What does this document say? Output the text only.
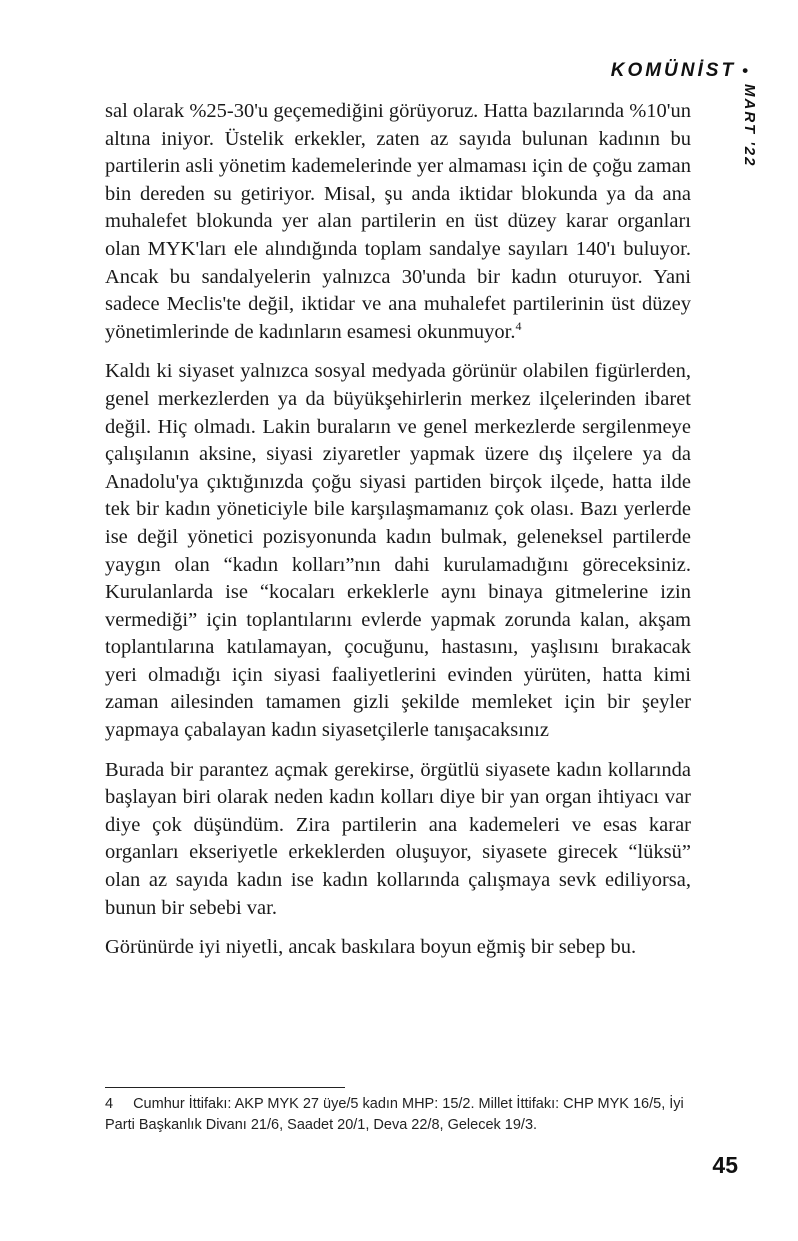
KOMÜNİST •
MART '22

sal olarak %25-30'u geçemediğini görüyoruz. Hatta bazılarında %10'un altına iniyor. Üstelik erkekler, zaten az sayıda bulunan kadının bu partilerin asli yönetim kademelerinde yer almaması için de çoğu zaman bin dereden su getiriyor. Misal, şu anda iktidar blokunda ya da ana muhalefet blokunda yer alan partilerin en üst düzey karar organları olan MYK'ları ele alındığında toplam sandalye sayıları 140'ı buluyor. Ancak bu sandalyelerin yalnızca 30'unda bir kadın oturuyor. Yani sadece Meclis'te değil, iktidar ve ana muhalefet partilerinin üst düzey yönetimlerinde de kadınların esamesi okunmuyor.$^4$

Kaldı ki siyaset yalnızca sosyal medyada görünür olabilen figürlerden, genel merkezlerden ya da büyükşehirlerin merkez ilçelerinden ibaret değil. Hiç olmadı. Lakin buraların ve genel merkezlerde sergilenmeye çalışılanın aksine, siyasi ziyaretler yapmak üzere dış ilçelere ya da Anadolu'ya çıktığınızda çoğu siyasi partiden birçok ilçede, hatta ilde tek bir kadın yöneticiyle bile karşılaşmamanız çok olası. Bazı yerlerde ise değil yönetici pozisyonunda kadın bulmak, geleneksel partilerde yaygın olan “kadın kolları”nın dahi kurulamadığını göreceksiniz. Kurulanlarda ise “kocaları erkeklerle aynı binaya gitmelerine izin vermediği” için toplantılarını evlerde yapmak zorunda kalan, akşam toplantılarına katılamayan, çocuğunu, hastasını, yaşlısını bırakacak yeri olmadığı için siyasi faaliyetlerini evinden yürüten, hatta kimi zaman ailesinden tamamen gizli şekilde memleket için bir şeyler yapmaya çabalayan kadın siyasetçilerle tanışacaksınız

Burada bir parantez açmak gerekirse, örgütlü siyasete kadın kollarında başlayan biri olarak neden kadın kolları diye bir yan organ ihtiyacı var diye çok düşündüm. Zira partilerin ana kademeleri ve esas karar organları ekseriyetle erkeklerden oluşuyor, siyasete girecek “lüksü” olan az sayıda kadın ise kadın kollarında çalışmaya sevk ediliyorsa, bunun bir sebebi var.

Görünürde iyi niyetli, ancak baskılara boyun eğmiş bir sebep bu.

4 Cumhur İttifakı: AKP MYK 27 üye/5 kadın MHP: 15/2. Millet İttifakı: CHP MYK 16/5, İyi Parti Başkanlık Divanı 21/6, Saadet 20/1, Deva 22/8, Gelecek 19/3.
45
